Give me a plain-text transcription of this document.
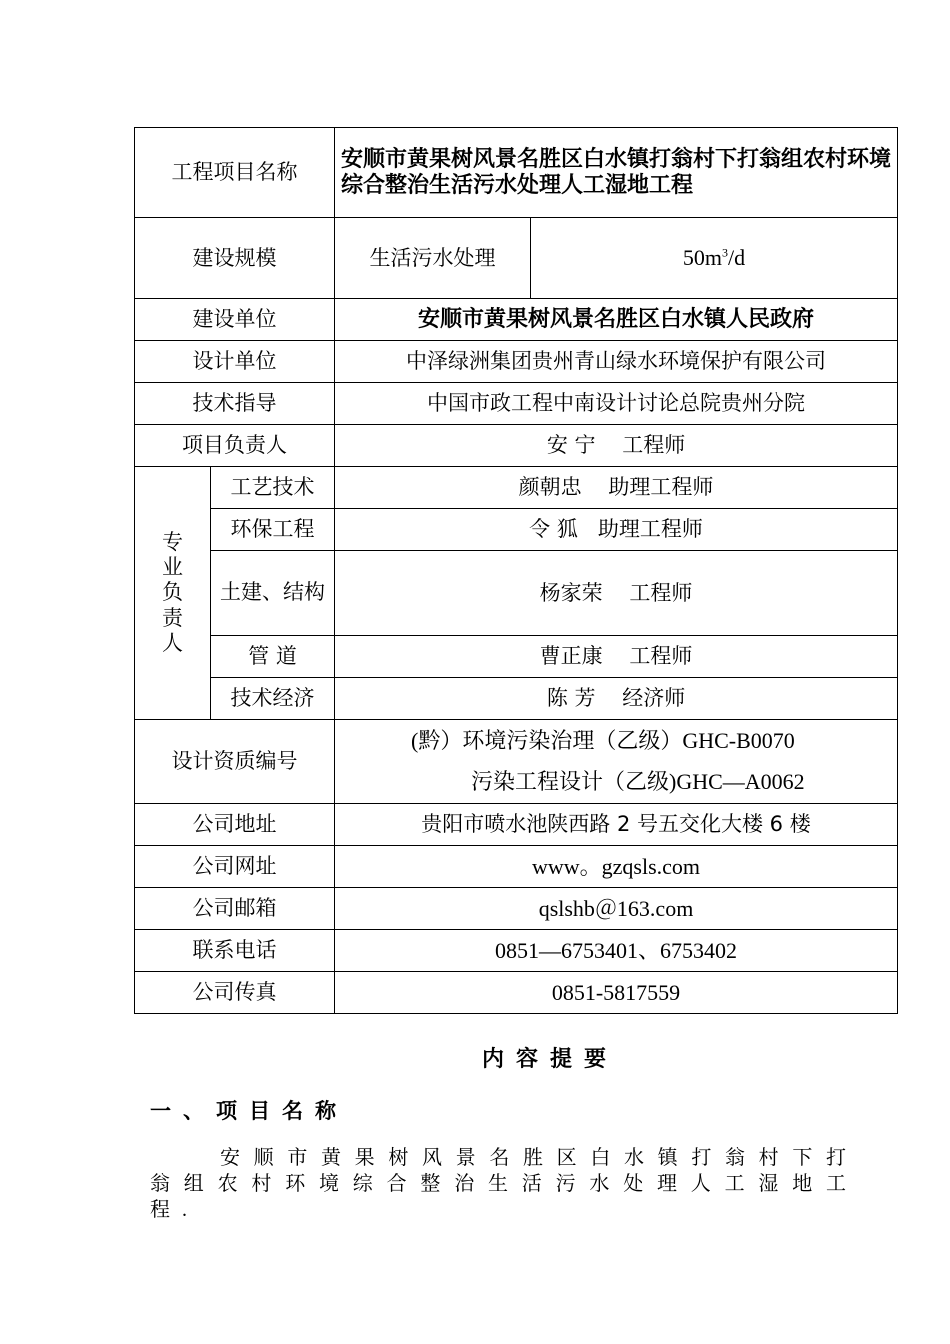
工程项目名称		安顺市黄果树风景名胜区白水镇打翁村下打翁组农村环境综合整治生活污水处理人工湿地工程	
建设规模		生活污水处理	$50m^3/d$
建设单位		安顺市黄果树风景名胜区白水镇人民政府	
设计单位		中泽绿洲集团贵州青山绿水环境保护有限公司	
技术指导		中国市政工程中南设计讨论总院贵州分院	
项目负责人		安 宁    工程师	

专业负责人	工艺技术	颜朝忠    助理工程师	
	环保工程	令 狐   助理工程师	
	土建、结构	杨家荣    工程师	
	管 道	曹正康    工程师	
	技术经济	陈 芳    经济师	
设计资质编号		(黔）环境污染治理（乙级）GHC-B0070
污染工程设计（乙级)GHC—A0062	

公司地址		贵阳市喷水池陕西路 2 号五交化大楼 6 楼	
公司网址		www。gzqsls.com	
公司邮箱		qslshb＠163.com	
联系电话		0851—6753401、6753402	
公司传真		0851-5817559	
内容提要
一、项目名称
安顺市黄果树风景名胜区白水镇打翁村下打翁组农村环境综合整治生活污水处理人工湿地工程.
